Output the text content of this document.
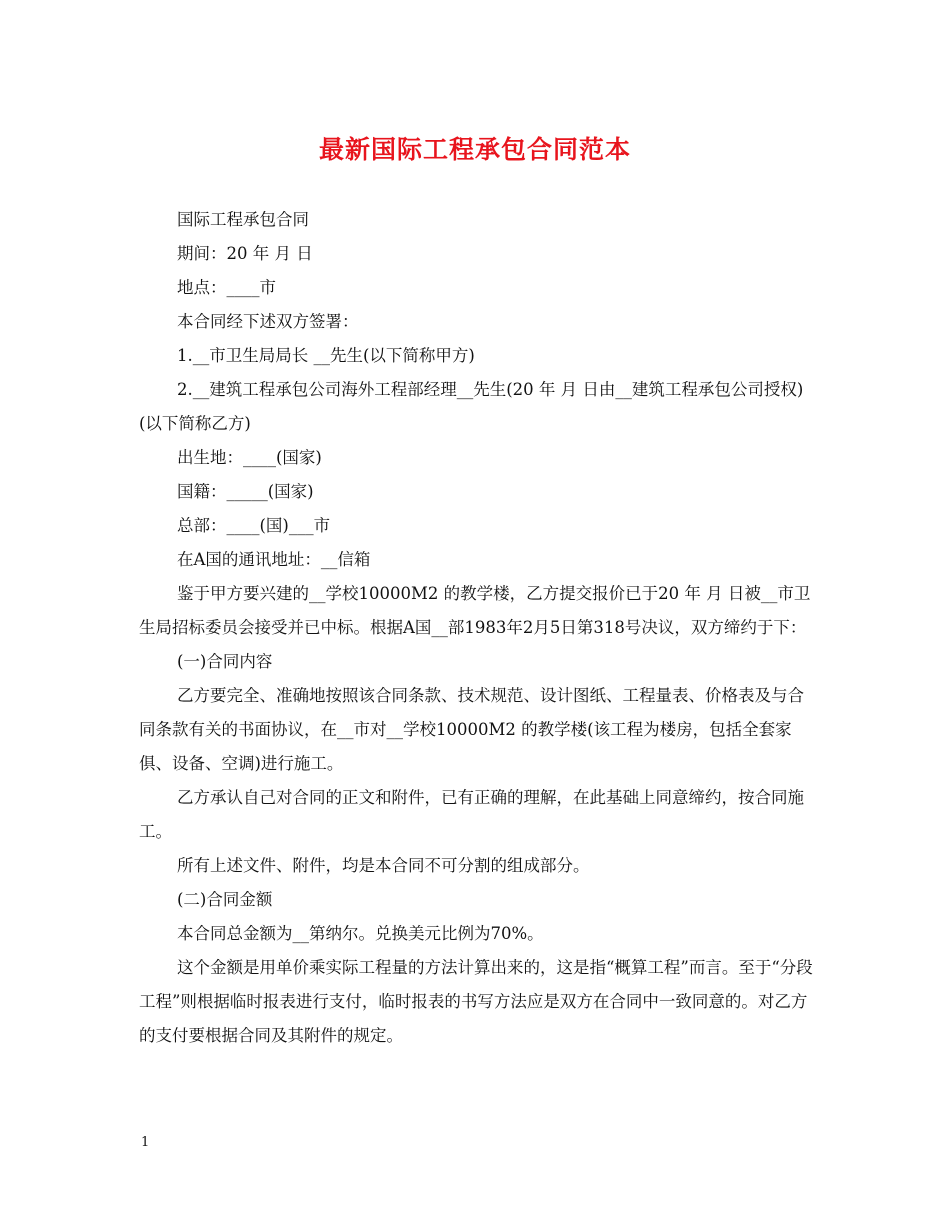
最新国际工程承包合同范本

国际工程承包合同

期间：20 年 月 日

地点：____市

本合同经下述双方签署：

1.__市卫生局局长 __先生(以下简称甲方)

2.__建筑工程承包公司海外工程部经理__先生(20 年 月 日由__建筑工程承包公司授权)(以下简称乙方)

出生地：____(国家)

国籍：_____(国家)

总部：____(国)___市

在A国的通讯地址：__信箱

鉴于甲方要兴建的__学校10000M2 的教学楼，乙方提交报价已于20 年 月 日被__市卫生局招标委员会接受并已中标。根据A国__部1983年2月5日第318号决议，双方缔约于下：

(一)合同内容

乙方要完全、准确地按照该合同条款、技术规范、设计图纸、工程量表、价格表及与合同条款有关的书面协议，在__市对__学校10000M2 的教学楼(该工程为楼房，包括全套家俱、设备、空调)进行施工。

乙方承认自己对合同的正文和附件，已有正确的理解，在此基础上同意缔约，按合同施工。

所有上述文件、附件，均是本合同不可分割的组成部分。

(二)合同金额

本合同总金额为__第纳尔。兑换美元比例为70%。

这个金额是用单价乘实际工程量的方法计算出来的，这是指“概算工程”而言。至于“分段工程”则根据临时报表进行支付，临时报表的书写方法应是双方在合同中一致同意的。对乙方的支付要根据合同及其附件的规定。

1
